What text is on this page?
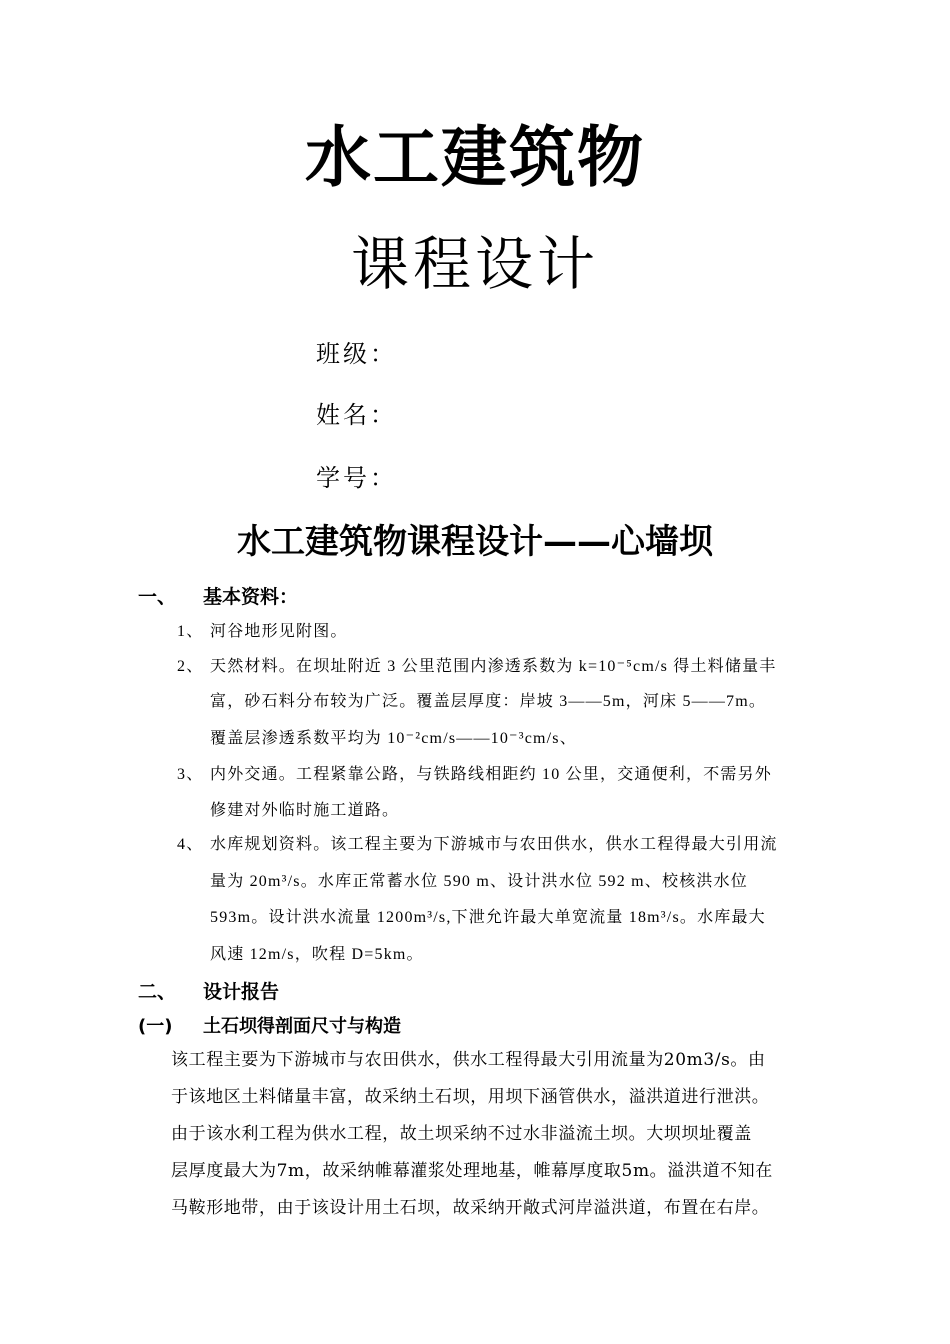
水工建筑物
课程设计
班级：
姓名：
学号：
水工建筑物课程设计——心墙坝
一、 基本资料：
1、 河谷地形见附图。
2、 天然材料。在坝址附近 3 公里范围内渗透系数为 k=10⁻⁵cm/s 得土料储量丰
富，砂石料分布较为广泛。覆盖层厚度：岸坡 3——5m，河床 5——7m。
覆盖层渗透系数平均为 10⁻²cm/s——10⁻³cm/s、
3、 内外交通。工程紧靠公路，与铁路线相距约 10 公里，交通便利，不需另外
修建对外临时施工道路。
4、 水库规划资料。该工程主要为下游城市与农田供水，供水工程得最大引用流
量为 20m³/s。水库正常蓄水位 590 m、设计洪水位 592 m、校核洪水位
593m。设计洪水流量 1200m³/s,下泄允许最大单宽流量 18m³/s。水库最大
风速 12m/s，吹程 D=5km。
二、 设计报告
(一) 土石坝得剖面尺寸与构造
该工程主要为下游城市与农田供水，供水工程得最大引用流量为20m3/s。由
于该地区土料储量丰富，故采纳土石坝，用坝下涵管供水，溢洪道进行泄洪。
由于该水利工程为供水工程，故土坝采纳不过水非溢流土坝。大坝坝址覆盖
层厚度最大为7m，故采纳帷幕灌浆处理地基，帷幕厚度取5m。溢洪道不知在
马鞍形地带，由于该设计用土石坝，故采纳开敞式河岸溢洪道，布置在右岸。
